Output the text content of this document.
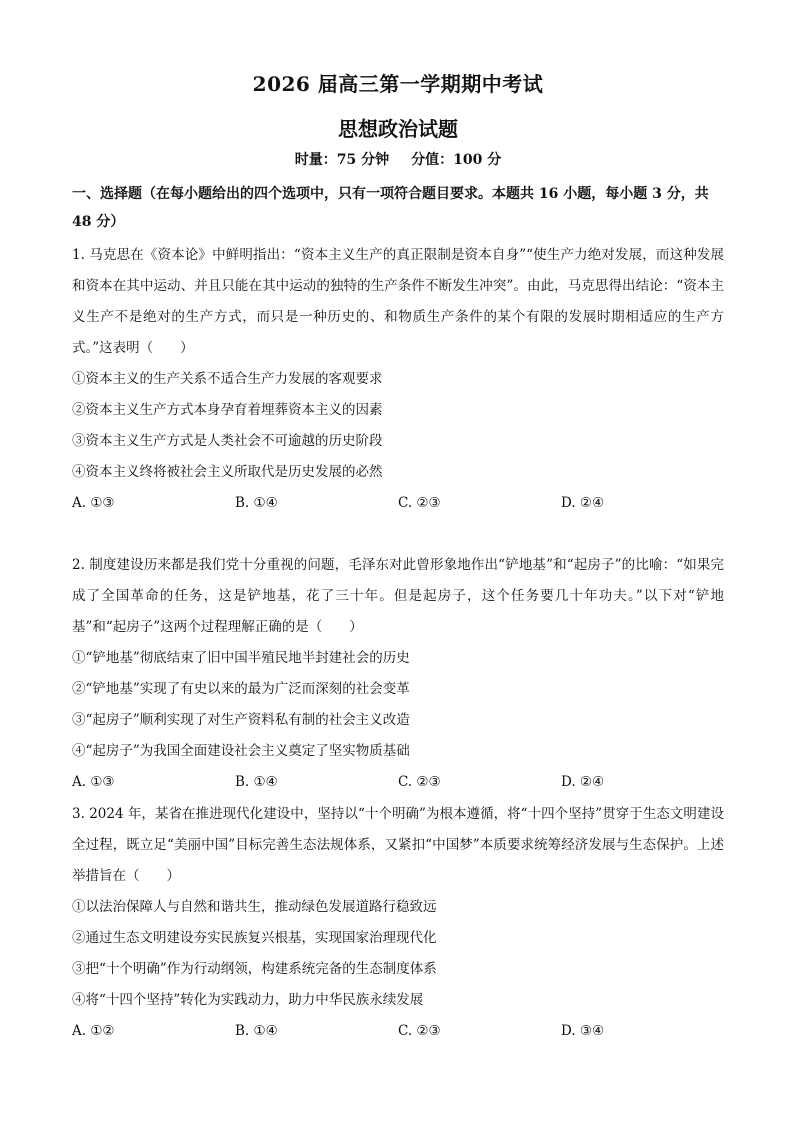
2026 届高三第一学期期中考试
思想政治试题
时量：75 分钟 分值：100 分
一、选择题（在每小题给出的四个选项中，只有一项符合题目要求。本题共 16 小题，每小题 3 分，共 48 分）

1. 马克思在《资本论》中鲜明指出：“资本主义生产的真正限制是资本自身”“使生产力绝对发展，而这种发展和资本在其中运动、并且只能在其中运动的独特的生产条件不断发生冲突”。由此，马克思得出结论：“资本主义生产不是绝对的生产方式，而只是一种历史的、和物质生产条件的某个有限的发展时期相适应的生产方式。”这表明（　　）

①资本主义的生产关系不适合生产力发展的客观要求

②资本主义生产方式本身孕育着埋葬资本主义的因素

③资本主义生产方式是人类社会不可逾越的历史阶段

④资本主义终将被社会主义所取代是历史发展的必然

A. ①③	B. ①④	C. ②③	D. ②④

2. 制度建设历来都是我们党十分重视的问题，毛泽东对此曾形象地作出“铲地基”和“起房子”的比喻：“如果完成了全国革命的任务，这是铲地基，花了三十年。但是起房子，这个任务要几十年功夫。”以下对“铲地基”和“起房子”这两个过程理解正确的是（　　）

①“铲地基”彻底结束了旧中国半殖民地半封建社会的历史

②“铲地基”实现了有史以来的最为广泛而深刻的社会变革

③“起房子”顺利实现了对生产资料私有制的社会主义改造

④“起房子”为我国全面建设社会主义奠定了坚实物质基础

A. ①③	B. ①④	C. ②③	D. ②④

3. 2024 年，某省在推进现代化建设中，坚持以“十个明确”为根本遵循，将“十四个坚持”贯穿于生态文明建设全过程，既立足“美丽中国”目标完善生态法规体系，又紧扣“中国梦”本质要求统筹经济发展与生态保护。上述举措旨在（　　）

①以法治保障人与自然和谐共生，推动绿色发展道路行稳致远

②通过生态文明建设夯实民族复兴根基，实现国家治理现代化

③把“十个明确”作为行动纲领，构建系统完备的生态制度体系

④将“十四个坚持”转化为实践动力，助力中华民族永续发展

A. ①②	B. ①④	C. ②③	D. ③④
